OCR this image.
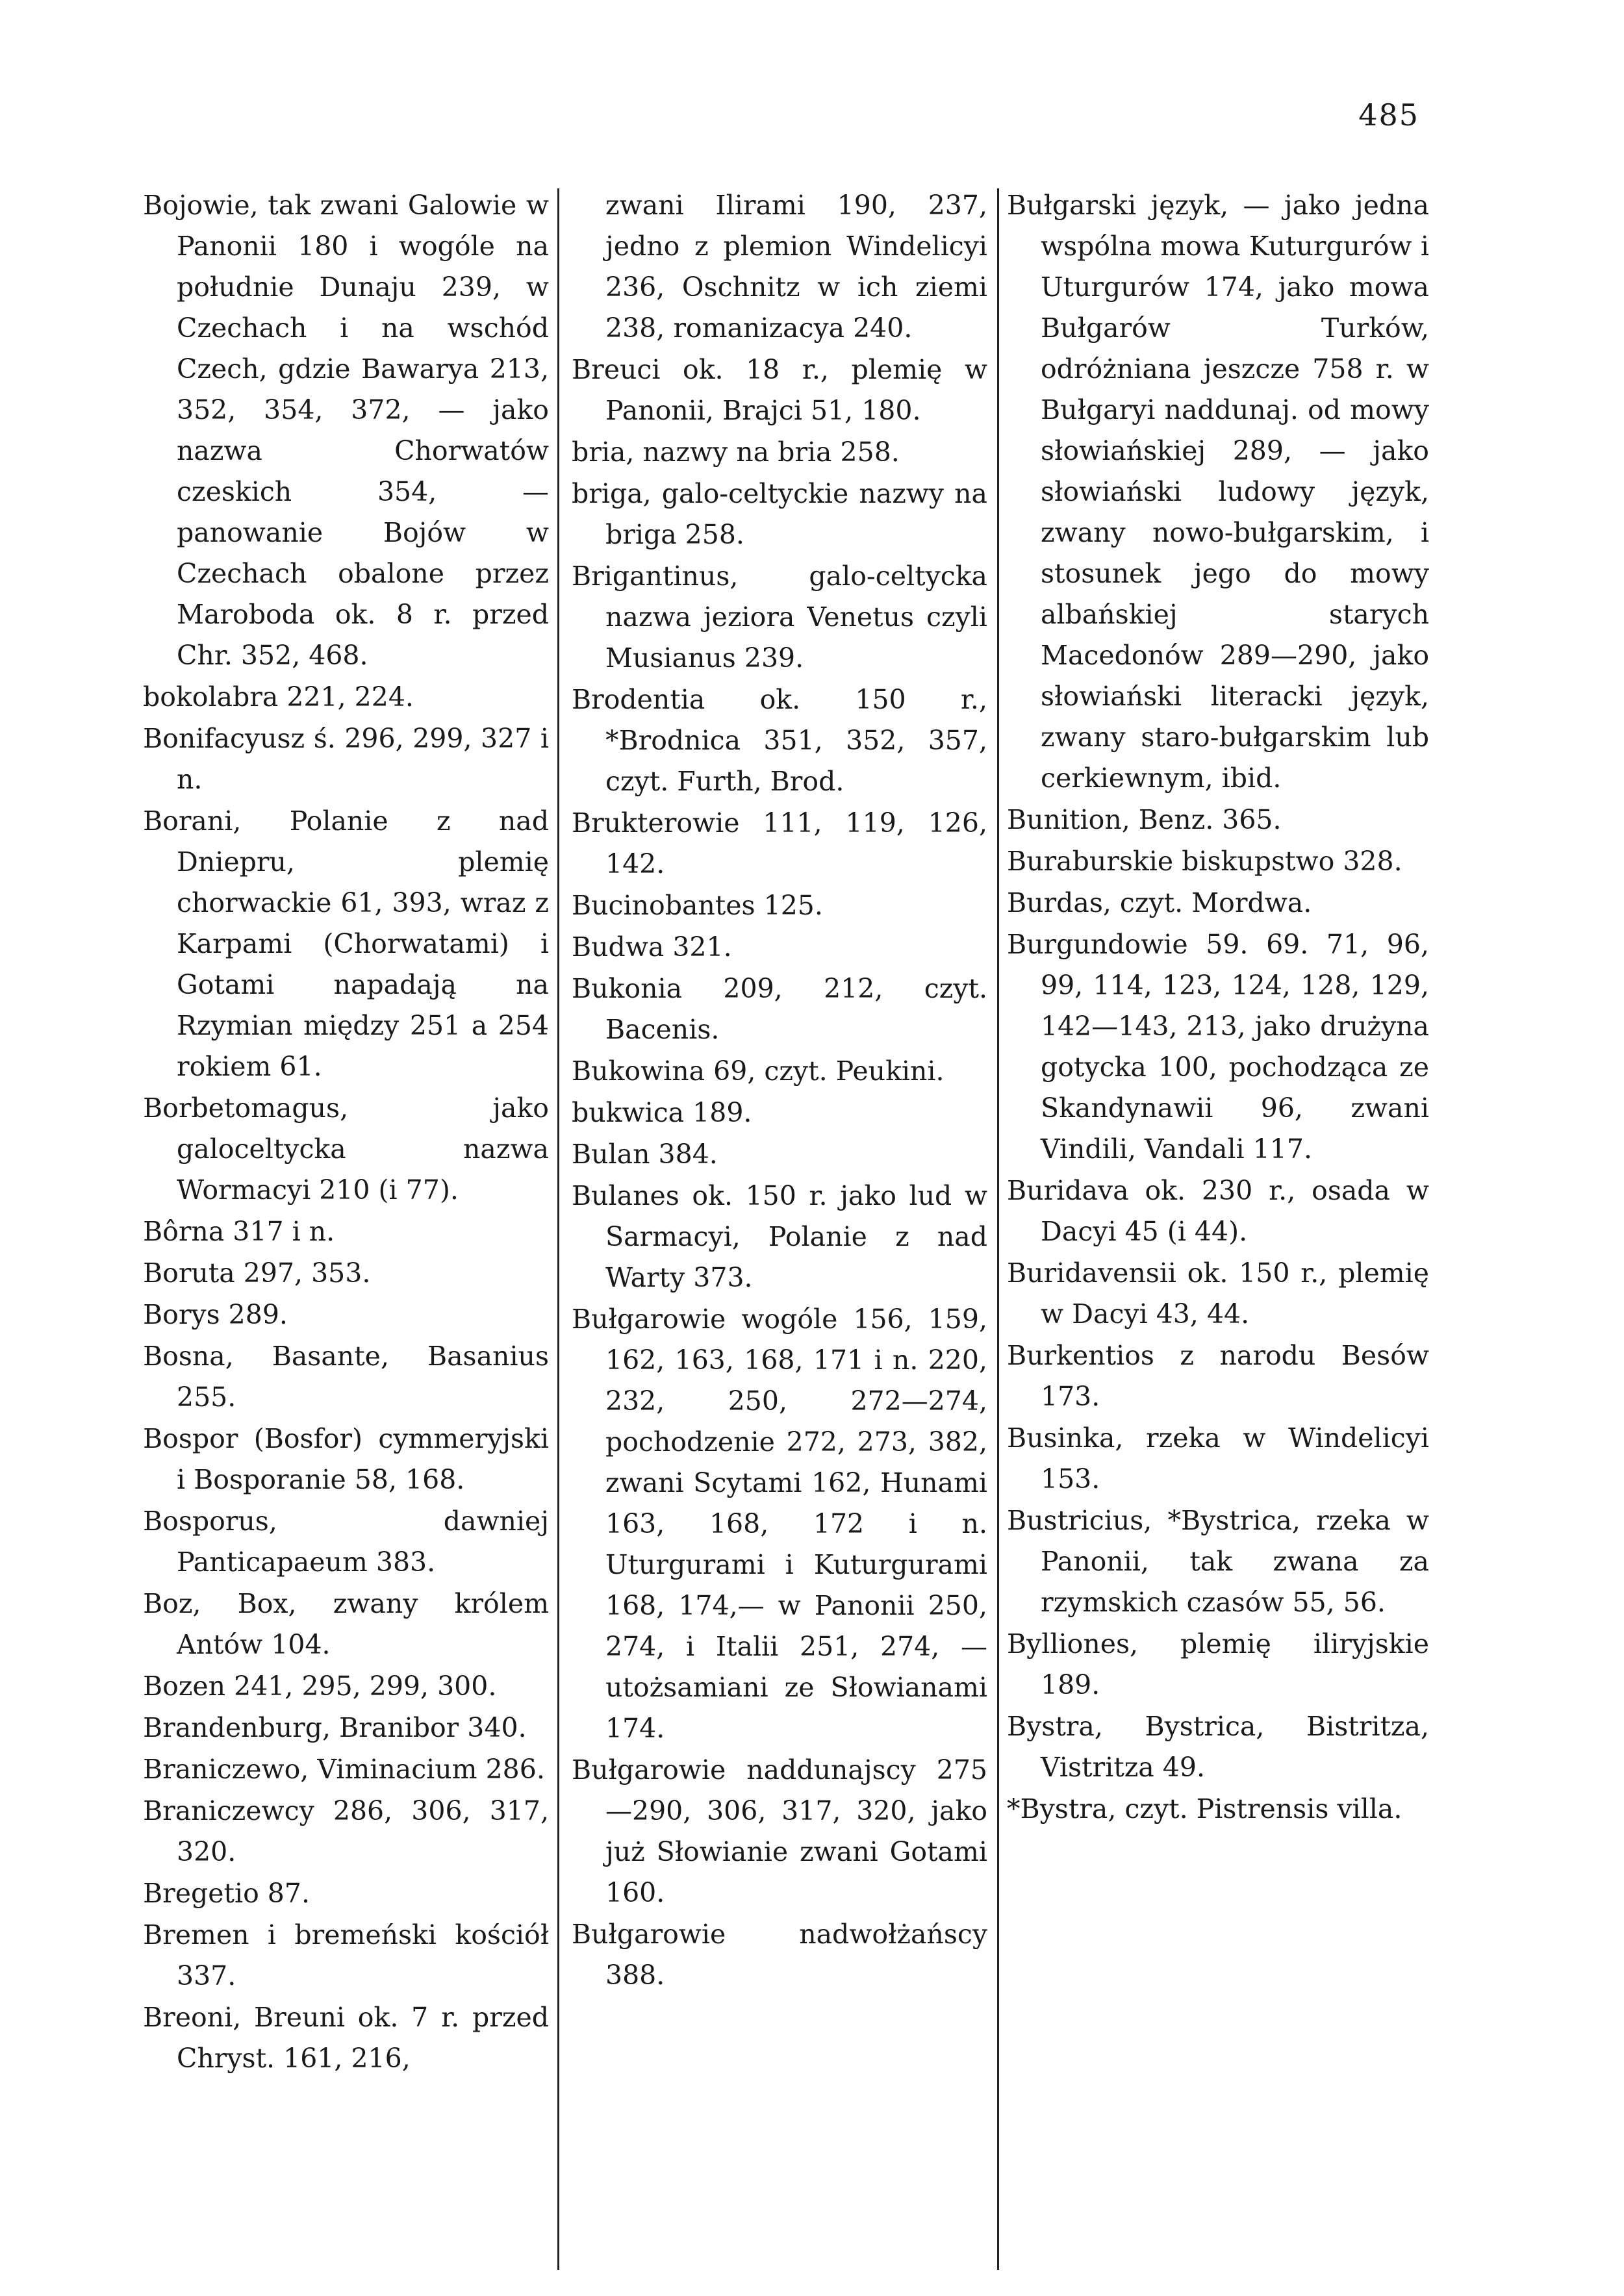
485

Bojowie, tak zwani Galowie w Panonii 180 i wogóle na południe Dunaju 239, w Czechach i na wschód Czech, gdzie Bawarya 213, 352, 354, 372, — jako nazwa Chorwatów czeskich 354, — panowanie Bojów w Czechach obalone przez Maroboda ok. 8 r. przed Chr. 352, 468.

bokolabra 221, 224.

Bonifacyusz ś. 296, 299, 327 i n.

Borani, Polanie z nad Dniepru, plemię chorwackie 61, 393, wraz z Karpami (Chorwatami) i Gotami napadają na Rzymian między 251 a 254 rokiem 61.

Borbetomagus, jako galoceltycka nazwa Wormacyi 210 (i 77).

Bôrna 317 i n.

Boruta 297, 353.

Borys 289.

Bosna, Basante, Basanius 255.

Bospor (Bosfor) cymmeryjski i Bosporanie 58, 168.

Bosporus, dawniej Panticapaeum 383.

Boz, Box, zwany królem Antów 104.

Bozen 241, 295, 299, 300.

Brandenburg, Branibor 340.

Braniczewo, Viminacium 286.

Braniczewcy 286, 306, 317, 320.

Bregetio 87.

Bremen i bremeński kościół 337.

Breoni, Breuni ok. 7 r. przed Chryst. 161, 216,

zwani Ilirami 190, 237, jedno z plemion Windelicyi 236, Oschnitz w ich ziemi 238, romanizacya 240.

Breuci ok. 18 r., plemię w Panonii, Brajci 51, 180.

bria, nazwy na bria 258.

briga, galo-celtyckie nazwy na briga 258.

Brigantinus, galo-celtycka nazwa jeziora Venetus czyli Musianus 239.

Brodentia ok. 150 r., *Brodnica 351, 352, 357, czyt. Furth, Brod.

Brukterowie 111, 119, 126, 142.

Bucinobantes 125.

Budwa 321.

Bukonia 209, 212, czyt. Bacenis.

Bukowina 69, czyt. Peukini.

bukwica 189.

Bulan 384.

Bulanes ok. 150 r. jako lud w Sarmacyi, Polanie z nad Warty 373.

Bułgarowie wogóle 156, 159, 162, 163, 168, 171 i n. 220, 232, 250, 272—274, pochodzenie 272, 273, 382, zwani Scytami 162, Hunami 163, 168, 172 i n. Uturgurami i Kuturgurami 168, 174,— w Panonii 250, 274, i Italii 251, 274, — utożsamiani ze Słowianami 174.

Bułgarowie naddunajscy 275—290, 306, 317, 320, jako już Słowianie zwani Gotami 160.

Bułgarowie nadwołżańscy 388.

Bułgarski język, — jako jedna wspólna mowa Kuturgurów i Uturgurów 174, jako mowa Bułgarów Turków, odróżniana jeszcze 758 r. w Bułgaryi naddunaj. od mowy słowiańskiej 289, — jako słowiański ludowy język, zwany nowo-bułgarskim, i stosunek jego do mowy albańskiej starych Macedonów 289—290, jako słowiański literacki język, zwany staro-bułgarskim lub cerkiewnym, ibid.

Bunition, Benz. 365.

Buraburskie biskupstwo 328.

Burdas, czyt. Mordwa.

Burgundowie 59. 69. 71, 96, 99, 114, 123, 124, 128, 129, 142—143, 213, jako drużyna gotycka 100, pochodząca ze Skandynawii 96, zwani Vindili, Vandali 117.

Buridava ok. 230 r., osada w Dacyi 45 (i 44).

Buridavensii ok. 150 r., plemię w Dacyi 43, 44.

Burkentios z narodu Besów 173.

Businka, rzeka w Windelicyi 153.

Bustricius, *Bystrica, rzeka w Panonii, tak zwana za rzymskich czasów 55, 56.

Bylliones, plemię iliryjskie 189.

Bystra, Bystrica, Bistritza, Vistritza 49.

*Bystra, czyt. Pistrensis villa.
